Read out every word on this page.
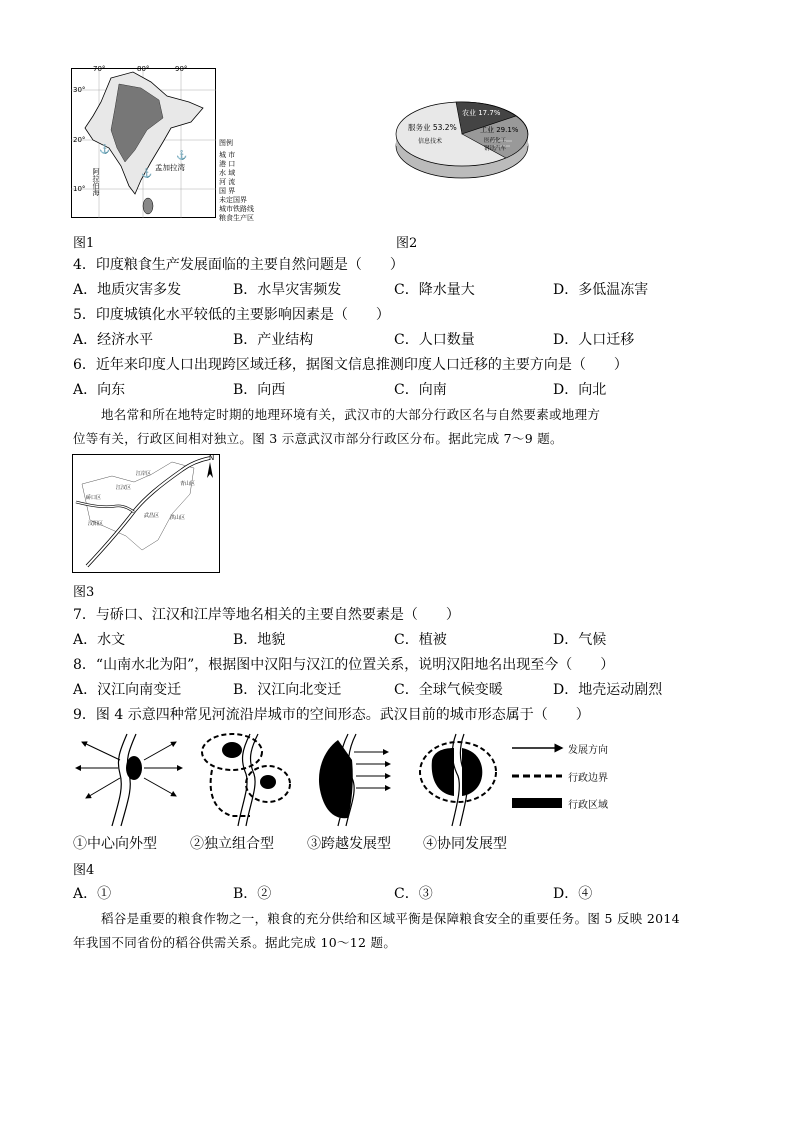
⚓
⚓
⚓
70°	80°	90°
30°
20°
10°
孟加拉湾
阿拉伯海
图例
城 市
港 口
水 域
河 流
国 界
未定国界
城市铁路线
粮食生产区
图1
服务业 53.2%
信息技术
农业 17.7%
工业 29.1%
医药化工
钢铁汽车
图2
4．印度粮食生产发展面临的主要自然问题是（　　）
A．地质灾害多发	B．水旱灾害频发	C．降水量大	D．多低温冻害
5．印度城镇化水平较低的主要影响因素是（　　）
A．经济水平	B．产业结构	C．人口数量	D．人口迁移
6．近年来印度人口出现跨区域迁移，据图文信息推测印度人口迁移的主要方向是（　　）
A．向东	B．向西	C．向南	D．向北
地名常和所在地特定时期的地理环境有关，武汉市的大部分行政区名与自然要素或地理方
位等有关，行政区间相对独立。图 3 示意武汉市部分行政区分布。据此完成 7～9 题。
N
硚口区
江汉区
江岸区
汉阳区
武昌区
青山区
洪山区
图3
7．与硚口、江汉和江岸等地名相关的主要自然要素是（　　）
A．水文	B．地貌	C．植被	D．气候
8．“山南水北为阳”，根据图中汉阳与汉江的位置关系，说明汉阳地名出现至今（　　）
A．汉江向南变迁	B．汉江向北变迁	C．全球气候变暖	D．地壳运动剧烈
9．图 4 示意四种常见河流沿岸城市的空间形态。武汉目前的城市形态属于（　　）
发展方向
行政边界
行政区域
①中心向外型 ②独立组合型 ③跨越发展型 ④协同发展型
图4
A．①	B．②	C．③	D．④
稻谷是重要的粮食作物之一，粮食的充分供给和区域平衡是保障粮食安全的重要任务。图 5 反映 2014
年我国不同省份的稻谷供需关系。据此完成 10～12 题。
